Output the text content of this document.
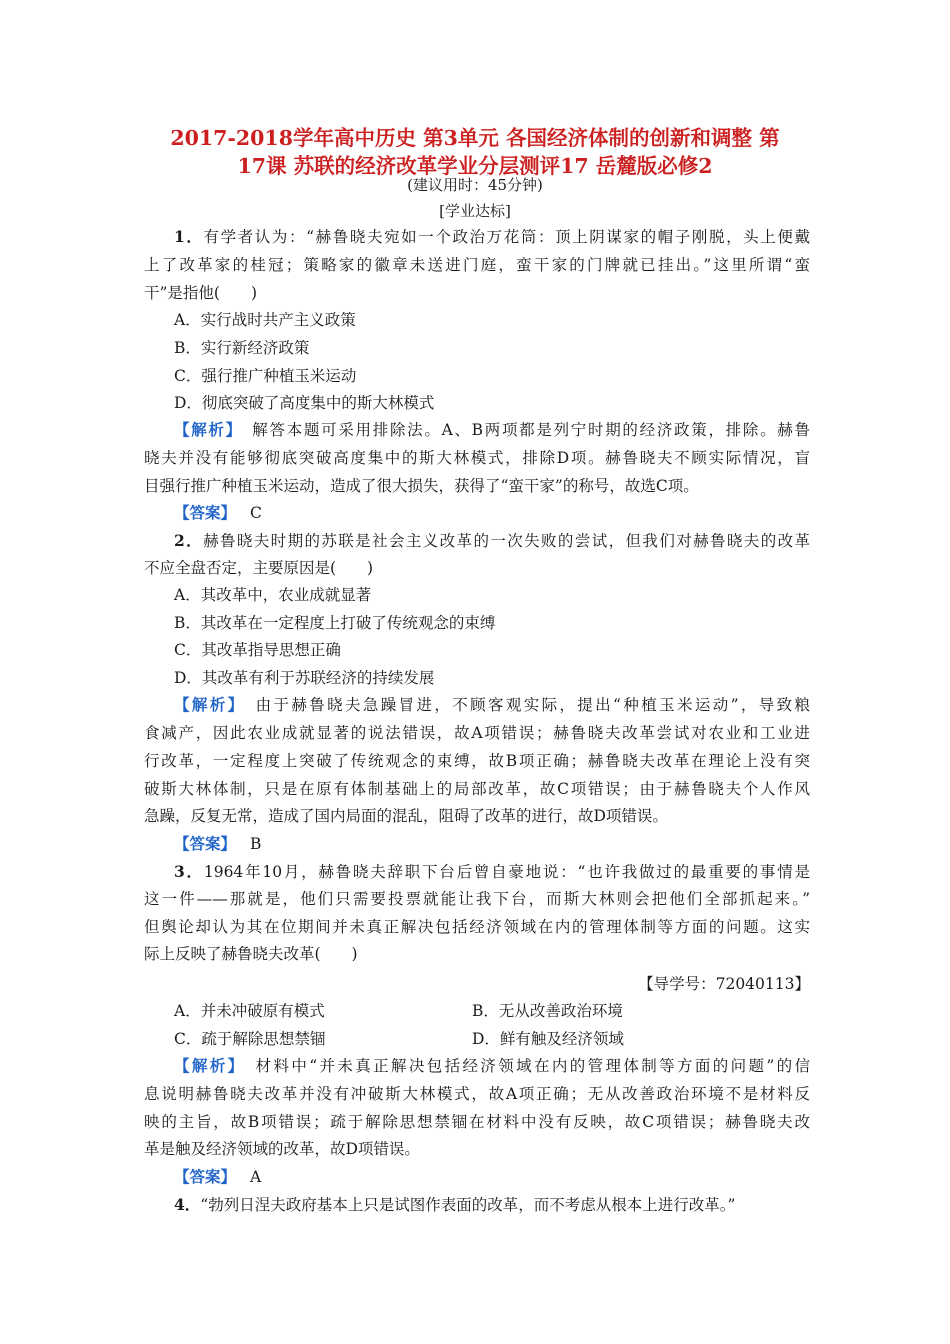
2017-2018学年高中历史 第3单元 各国经济体制的创新和调整 第
17课 苏联的经济改革学业分层测评17 岳麓版必修2

(建议用时：45分钟)

[学业达标]

1．有学者认为：“赫鲁晓夫宛如一个政治万花筒：顶上阴谋家的帽子刚脱，头上便戴

上了改革家的桂冠；策略家的徽章未送进门庭，蛮干家的门牌就已挂出。”这里所谓“蛮

干”是指他(　　)

A．实行战时共产主义政策

B．实行新经济政策

C．强行推广种植玉米运动

D．彻底突破了高度集中的斯大林模式

【解析】　 解答本题可采用排除法。A、B两项都是列宁时期的经济政策，排除。赫鲁

晓夫并没有能够彻底突破高度集中的斯大林模式，排除D项。赫鲁晓夫不顾实际情况，盲

目强行推广种植玉米运动，造成了很大损失，获得了“蛮干家”的称号，故选C项。

【答案】 C

2．赫鲁晓夫时期的苏联是社会主义改革的一次失败的尝试，但我们对赫鲁晓夫的改革

不应全盘否定，主要原因是(　　)

A．其改革中，农业成就显著

B．其改革在一定程度上打破了传统观念的束缚

C．其改革指导思想正确

D．其改革有利于苏联经济的持续发展

【解析】　 由于赫鲁晓夫急躁冒进，不顾客观实际，提出“种植玉米运动”，导致粮

食减产，因此农业成就显著的说法错误，故A项错误；赫鲁晓夫改革尝试对农业和工业进

行改革，一定程度上突破了传统观念的束缚，故B项正确；赫鲁晓夫改革在理论上没有突

破斯大林体制，只是在原有体制基础上的局部改革，故C项错误；由于赫鲁晓夫个人作风

急躁，反复无常，造成了国内局面的混乱，阻碍了改革的进行，故D项错误。

【答案】 B

3．1964年10月，赫鲁晓夫辞职下台后曾自豪地说：“也许我做过的最重要的事情是

这一件——那就是，他们只需要投票就能让我下台，而斯大林则会把他们全部抓起来。”

但舆论却认为其在位期间并未真正解决包括经济领域在内的管理体制等方面的问题。这实

际上反映了赫鲁晓夫改革(　　)

【导学号：72040113】

A．并未冲破原有模式	B．无从改善政治环境

C．疏于解除思想禁锢	D．鲜有触及经济领域

【解析】　 材料中“并未真正解决包括经济领域在内的管理体制等方面的问题”的信

息说明赫鲁晓夫改革并没有冲破斯大林模式，故A项正确；无从改善政治环境不是材料反

映的主旨，故B项错误；疏于解除思想禁锢在材料中没有反映，故C项错误；赫鲁晓夫改

革是触及经济领域的改革，故D项错误。

【答案】 A

4．“勃列日涅夫政府基本上只是试图作表面的改革，而不考虑从根本上进行改革。”
